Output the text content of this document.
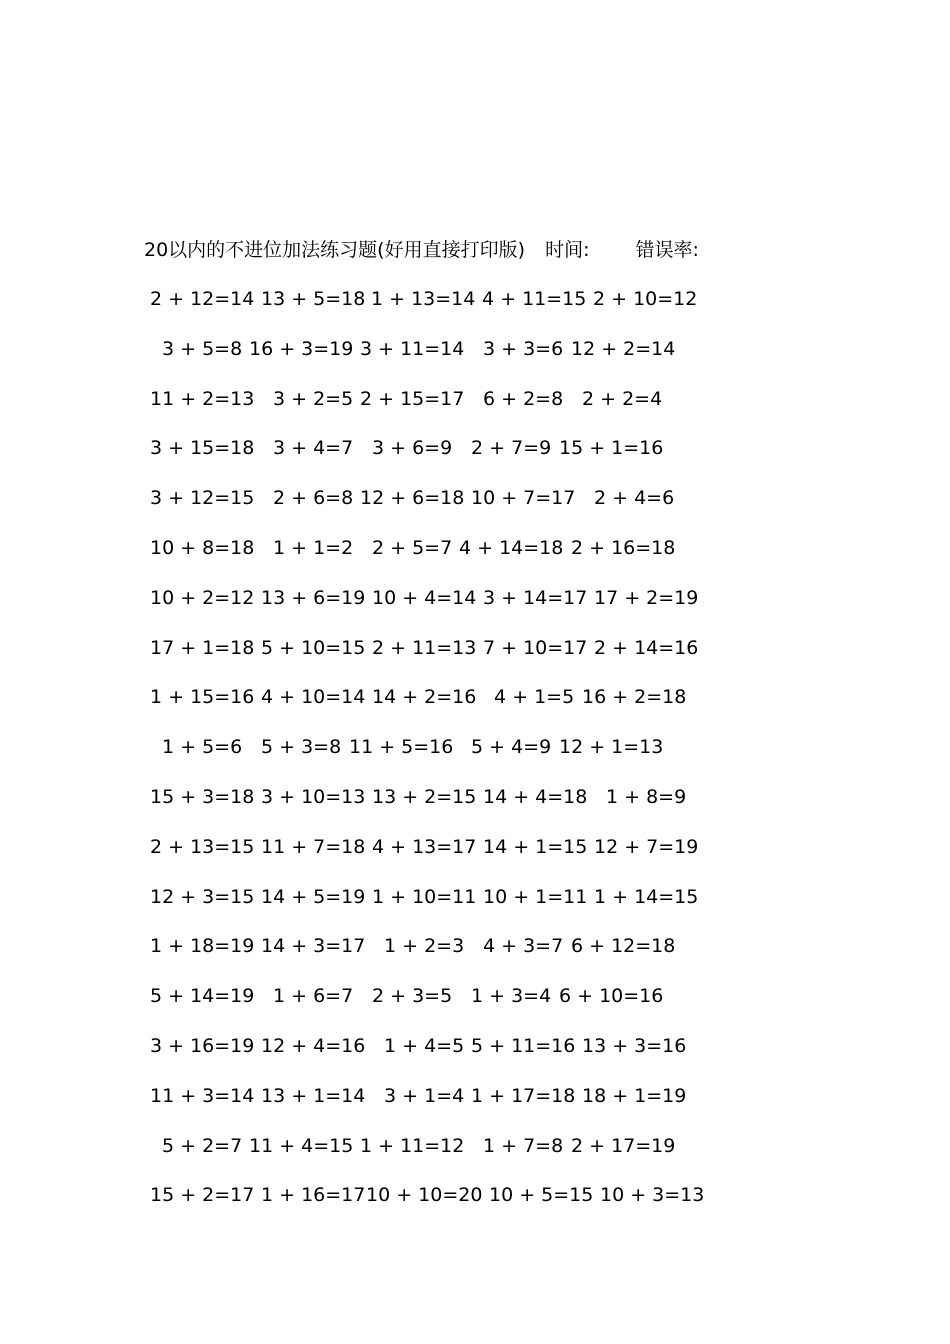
20以内的不进位加法练习题(好用直接打印版) 时间: 错误率:
2 + 12=14 13 + 5=18 1 + 13=14 4 + 11=15 2 + 10=12
3 + 5=8 16 + 3=19 3 + 11=14 3 + 3=6 12 + 2=14
11 + 2=13 3 + 2=5 2 + 15=17 6 + 2=8 2 + 2=4
3 + 15=18 3 + 4=7 3 + 6=9 2 + 7=9 15 + 1=16
3 + 12=15 2 + 6=8 12 + 6=18 10 + 7=17 2 + 4=6
10 + 8=18 1 + 1=2 2 + 5=7 4 + 14=18 2 + 16=18
10 + 2=12 13 + 6=19 10 + 4=14 3 + 14=17 17 + 2=19
17 + 1=18 5 + 10=15 2 + 11=13 7 + 10=17 2 + 14=16
1 + 15=16 4 + 10=14 14 + 2=16 4 + 1=5 16 + 2=18
1 + 5=6 5 + 3=8 11 + 5=16 5 + 4=9 12 + 1=13
15 + 3=18 3 + 10=13 13 + 2=15 14 + 4=18 1 + 8=9
2 + 13=15 11 + 7=18 4 + 13=17 14 + 1=15 12 + 7=19
12 + 3=15 14 + 5=19 1 + 10=11 10 + 1=11 1 + 14=15
1 + 18=19 14 + 3=17 1 + 2=3 4 + 3=7 6 + 12=18
5 + 14=19 1 + 6=7 2 + 3=5 1 + 3=4 6 + 10=16
3 + 16=19 12 + 4=16 1 + 4=5 5 + 11=16 13 + 3=16
11 + 3=14 13 + 1=14 3 + 1=4 1 + 17=18 18 + 1=19
5 + 2=7 11 + 4=15 1 + 11=12 1 + 7=8 2 + 17=19
15 + 2=17 1 + 16=17 10 + 10=20 10 + 5=15 10 + 3=13
